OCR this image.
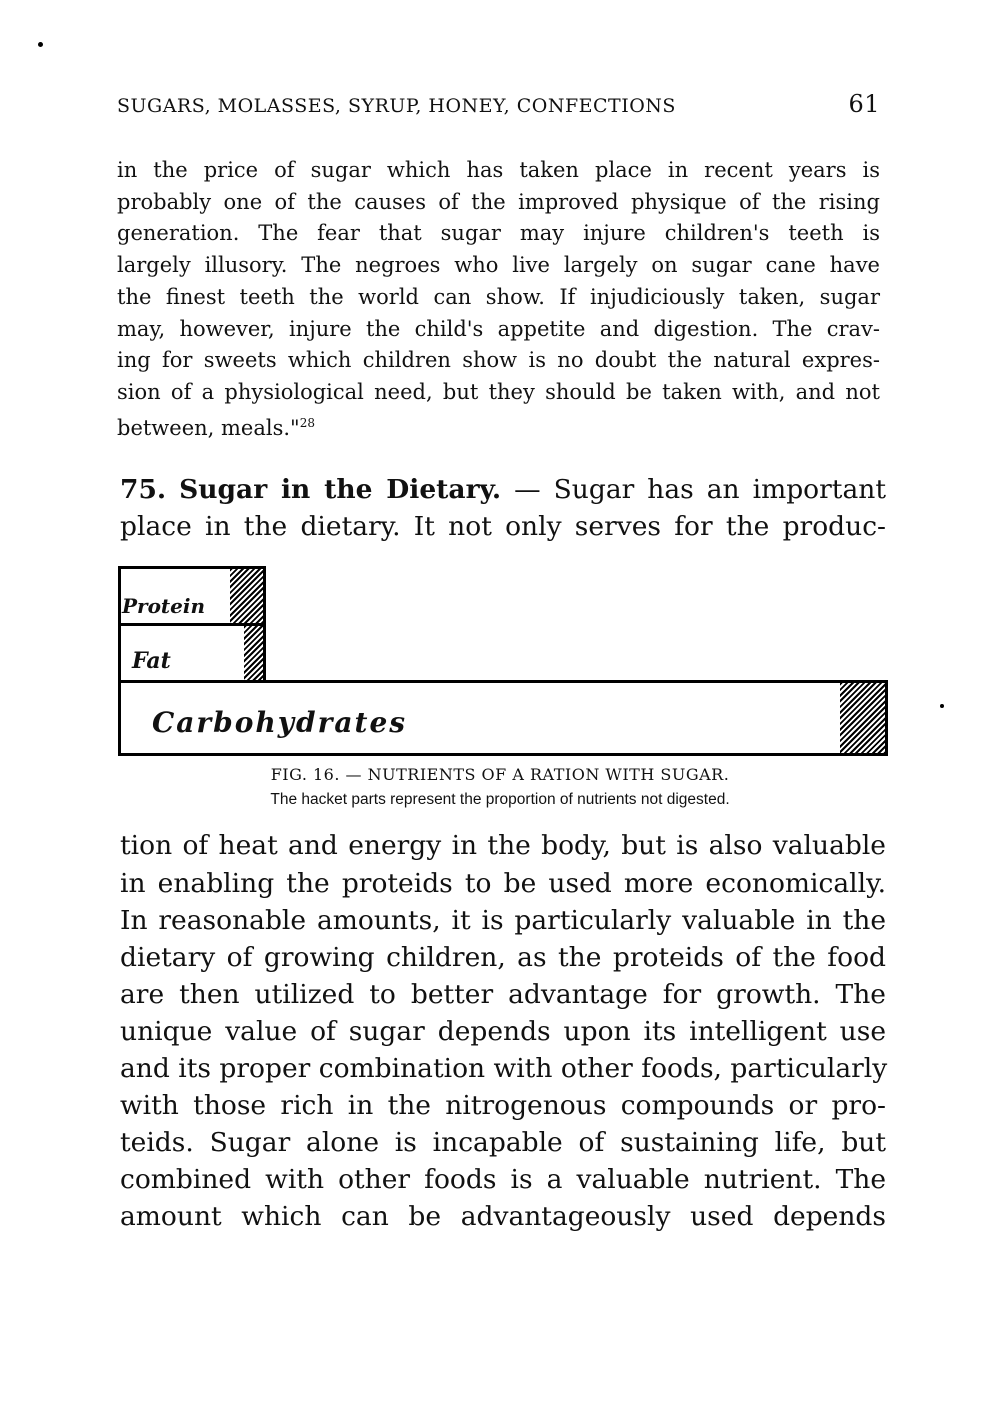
SUGARS, MOLASSES, SYRUP, HONEY, CONFECTIONS	61
in the price of sugar which has taken place in recent years is
probably one of the causes of the improved physique of the rising
generation. The fear that sugar may injure children's teeth is
largely illusory. The negroes who live largely on sugar cane have
the finest teeth the world can show. If injudiciously taken, sugar
may, however, injure the child's appetite and digestion. The crav-
ing for sweets which children show is no doubt the natural expres-
sion of a physiological need, but they should be taken with, and not
between, meals."$^{28}$
75. Sugar in the Dietary. — Sugar has an important
place in the dietary. It not only serves for the produc-
Protein
Fat
Carbohydrates
FIG. 16. — NUTRIENTS OF A RATION WITH SUGAR.
The hacket parts represent the proportion of nutrients not digested.
tion of heat and energy in the body, but is also valuable
in enabling the proteids to be used more economically.
In reasonable amounts, it is particularly valuable in the
dietary of growing children, as the proteids of the food
are then utilized to better advantage for growth. The
unique value of sugar depends upon its intelligent use
and its proper combination with other foods, particularly
with those rich in the nitrogenous compounds or pro-
teids. Sugar alone is incapable of sustaining life, but
combined with other foods is a valuable nutrient. The
amount which can be advantageously used depends
